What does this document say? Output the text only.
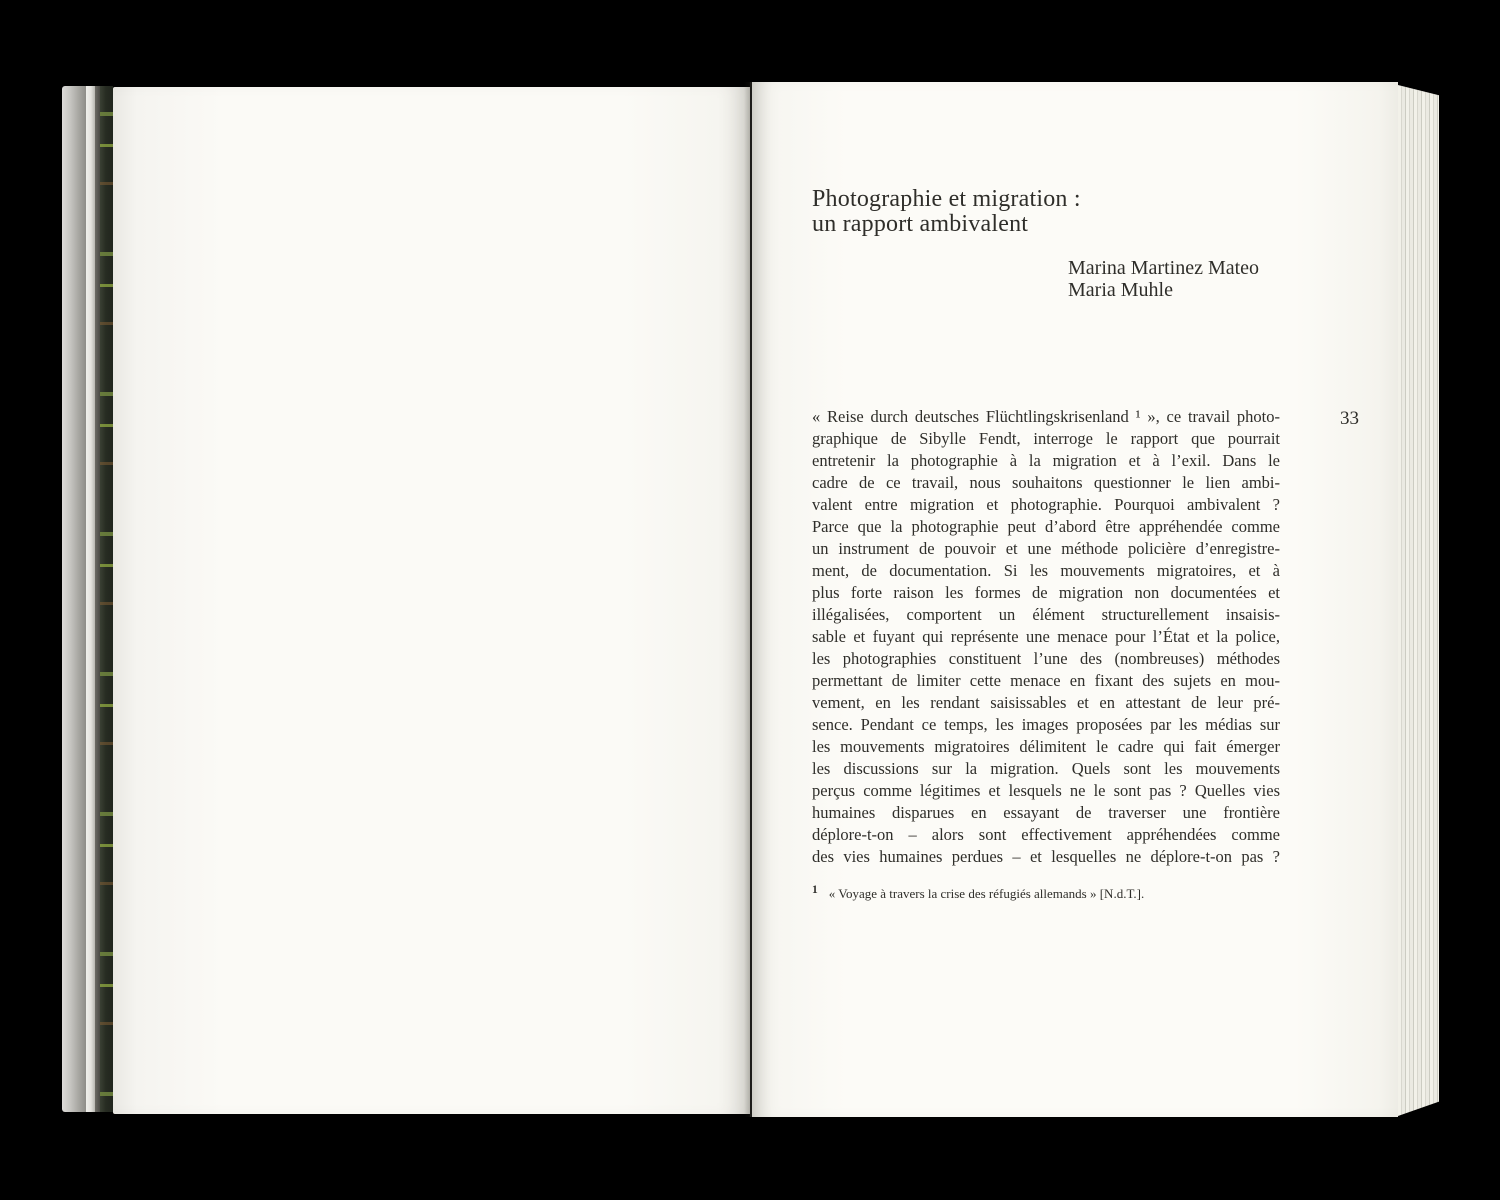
Photographie et migration :
un rapport ambivalent
Marina Martinez Mateo
Maria Muhle
33
« Reise durch deutsches Flüchtlingskrisenland ¹ », ce travail photo-
graphique de Sibylle Fendt, interroge le rapport que pourrait
entretenir la photographie à la migration et à l’exil. Dans le
cadre de ce travail, nous souhaitons questionner le lien ambi-
valent entre migration et photographie. Pourquoi ambivalent ?
Parce que la photographie peut d’abord être appréhendée comme
un instrument de pouvoir et une méthode policière d’enregistre-
ment, de documentation. Si les mouvements migratoires, et à
plus forte raison les formes de migration non documentées et
illégalisées, comportent un élément structurellement insaisis-
sable et fuyant qui représente une menace pour l’État et la police,
les photographies constituent l’une des (nombreuses) méthodes
permettant de limiter cette menace en fixant des sujets en mou-
vement, en les rendant saisissables et en attestant de leur pré-
sence. Pendant ce temps, les images proposées par les médias sur
les mouvements migratoires délimitent le cadre qui fait émerger
les discussions sur la migration. Quels sont les mouvements
perçus comme légitimes et lesquels ne le sont pas ? Quelles vies
humaines disparues en essayant de traverser une frontière
déplore-t-on – alors sont effectivement appréhendées comme
des vies humaines perdues – et lesquelles ne déplore-t-on pas ?
1 « Voyage à travers la crise des réfugiés allemands » [N.d.T.].
